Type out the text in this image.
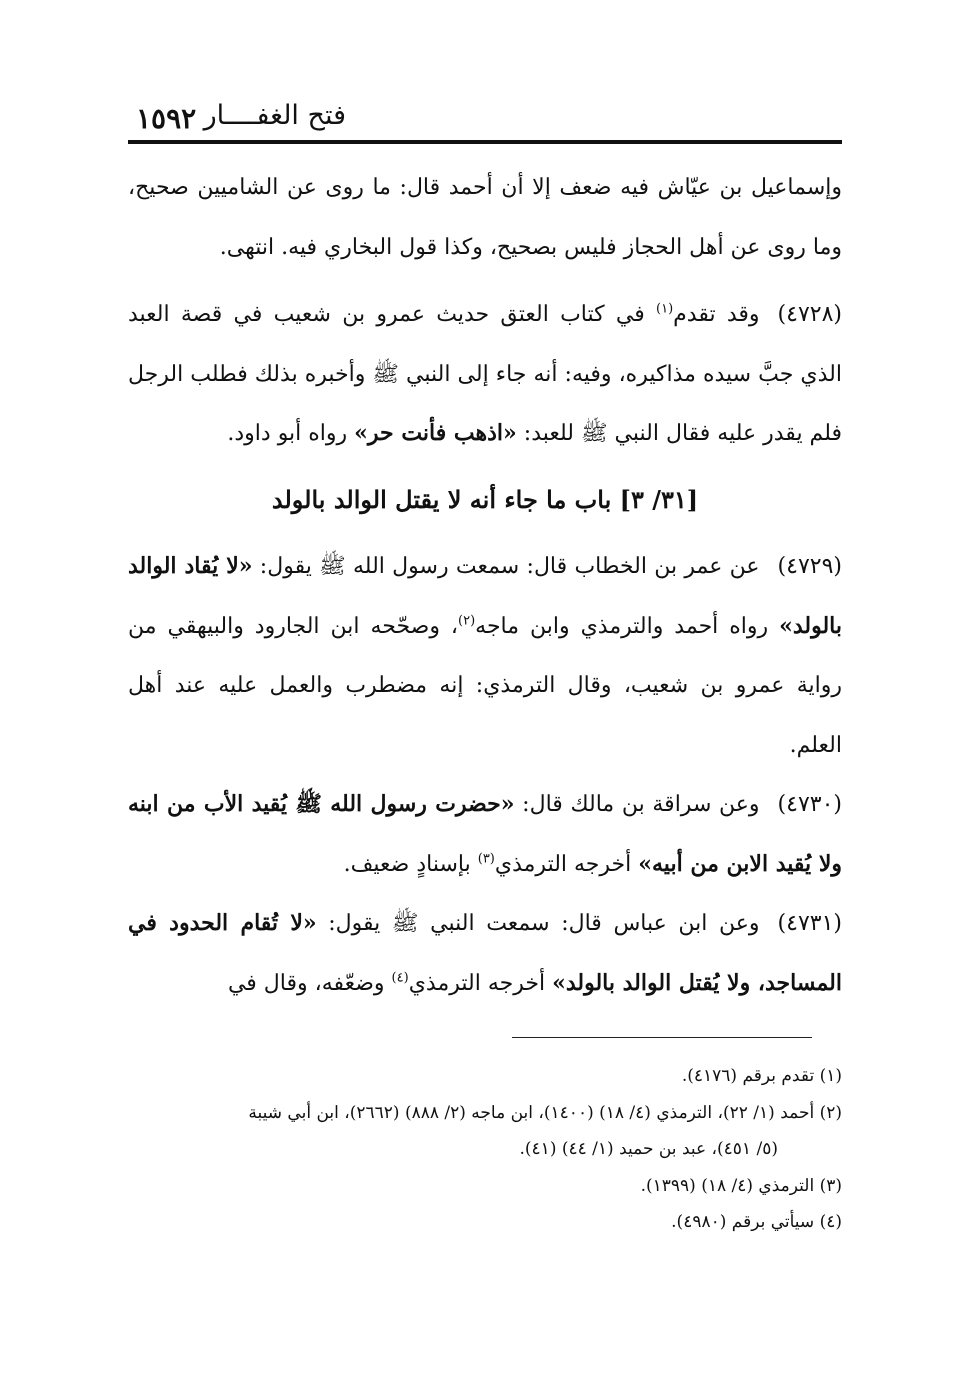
١٥٩٢ فتح الغفــــار

وإسماعيل بن عيّاش فيه ضعف إلا أن أحمد قال: ما روى عن الشاميين صحيح، وما روى عن أهل الحجاز فليس بصحيح، وكذا قول البخاري فيه. انتهى.

(٤٧٢٨)وقد تقدم$^{(١)}$ في كتاب العتق حديث عمرو بن شعيب في قصة العبد الذي جبَّ سيده مذاكيره، وفيه: أنه جاء إلى النبي ﷺ وأخبره بذلك فطلب الرجل فلم يقدر عليه فقال النبي ﷺ للعبد: «اذهب فأنت حر» رواه أبو داود.

[٣١/ ٣] باب ما جاء أنه لا يقتل الوالد بالولد

(٤٧٢٩)عن عمر بن الخطاب قال: سمعت رسول الله ﷺ يقول: «لا يُقاد الوالد بالولد» رواه أحمد والترمذي وابن ماجه$^{(٢)}$، وصحّحه ابن الجارود والبيهقي من رواية عمرو بن شعيب، وقال الترمذي: إنه مضطرب والعمل عليه عند أهل العلم.

(٤٧٣٠)وعن سراقة بن مالك قال: «حضرت رسول الله ﷺ يُقيد الأب من ابنه ولا يُقيد الابن من أبيه» أخرجه الترمذي$^{(٣)}$ بإسنادٍ ضعيف.

(٤٧٣١)وعن ابن عباس قال: سمعت النبي ﷺ يقول: «لا تُقام الحدود في المساجد، ولا يُقتل الوالد بالولد» أخرجه الترمذي$^{(٤)}$ وضعّفه، وقال في

(١) تقدم برقم (٤١٧٦).

(٢) أحمد (١/ ٢٢)، الترمذي (٤/ ١٨) (١٤٠٠)، ابن ماجه (٢/ ٨٨٨) (٢٦٦٢)، ابن أبي شيبة

(٥/ ٤٥١)، عبد بن حميد (١/ ٤٤) (٤١).

(٣) الترمذي (٤/ ١٨) (١٣٩٩).

(٤) سيأتي برقم (٤٩٨٠).
